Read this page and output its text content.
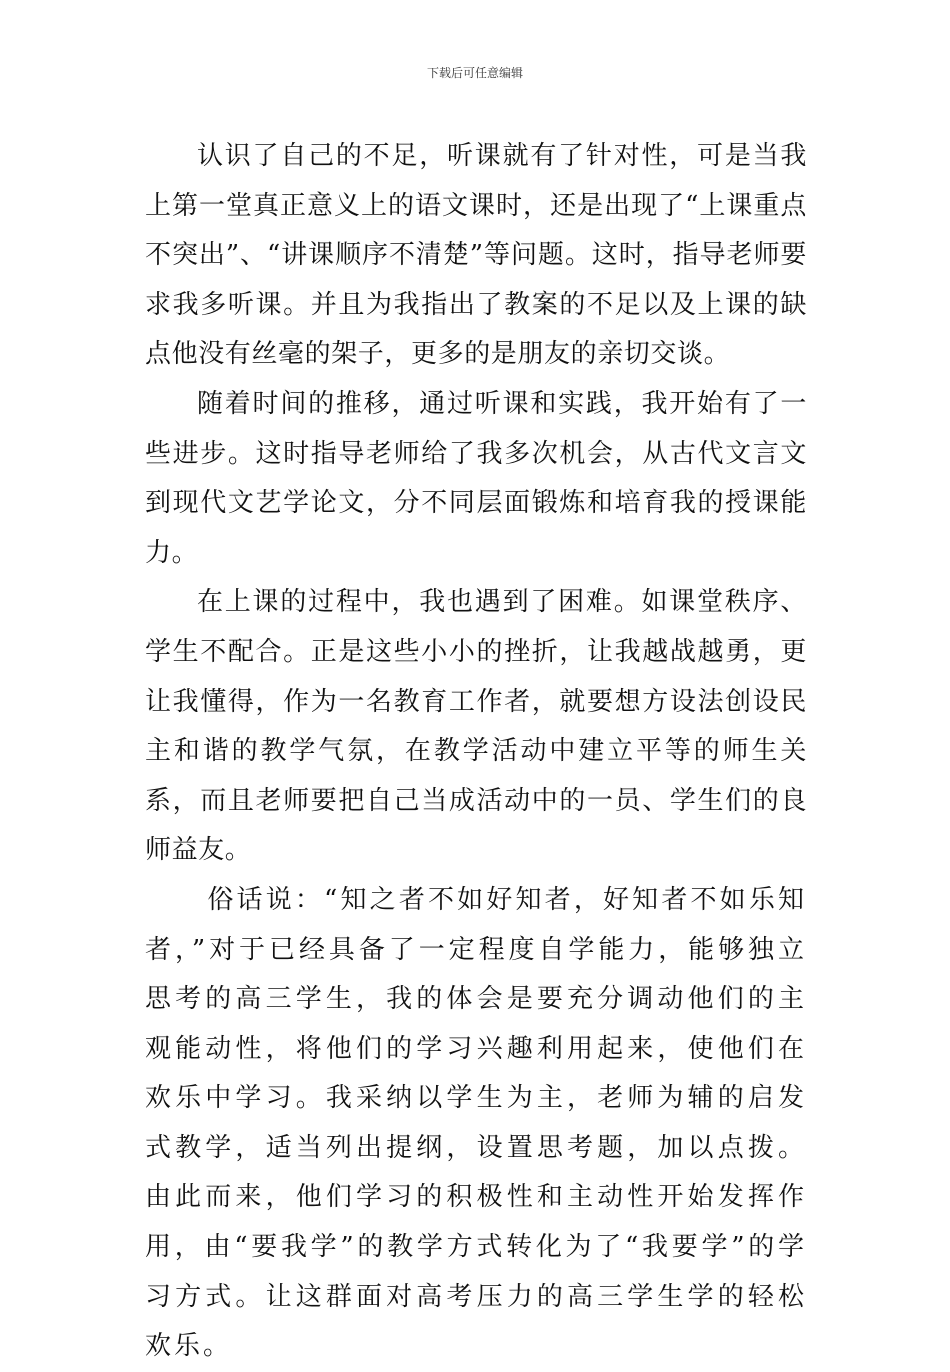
下载后可任意编辑

认识了自己的不足，听课就有了针对性，可是当我上第一堂真正意义上的语文课时，还是出现了“上课重点不突出”、“讲课顺序不清楚”等问题。这时，指导老师要求我多听课。并且为我指出了教案的不足以及上课的缺点他没有丝毫的架子，更多的是朋友的亲切交谈。

随着时间的推移，通过听课和实践，我开始有了一些进步。这时指导老师给了我多次机会，从古代文言文到现代文艺学论文，分不同层面锻炼和培育我的授课能力。

在上课的过程中，我也遇到了困难。如课堂秩序、学生不配合。正是这些小小的挫折，让我越战越勇，更让我懂得，作为一名教育工作者，就要想方设法创设民主和谐的教学气氛，在教学活动中建立平等的师生关系，而且老师要把自己当成活动中的一员、学生们的良师益友。

俗话说：“知之者不如好知者，好知者不如乐知者，”对于已经具备了一定程度自学能力，能够独立思考的高三学生，我的体会是要充分调动他们的主观能动性，将他们的学习兴趣利用起来，使他们在欢乐中学习。我采纳以学生为主，老师为辅的启发式教学，适当列出提纲，设置思考题，加以点拨。由此而来，他们学习的积极性和主动性开始发挥作用，由“要我学”的教学方式转化为了“我要学”的学习方式。让这群面对高考压力的高三学生学的轻松欢乐。
